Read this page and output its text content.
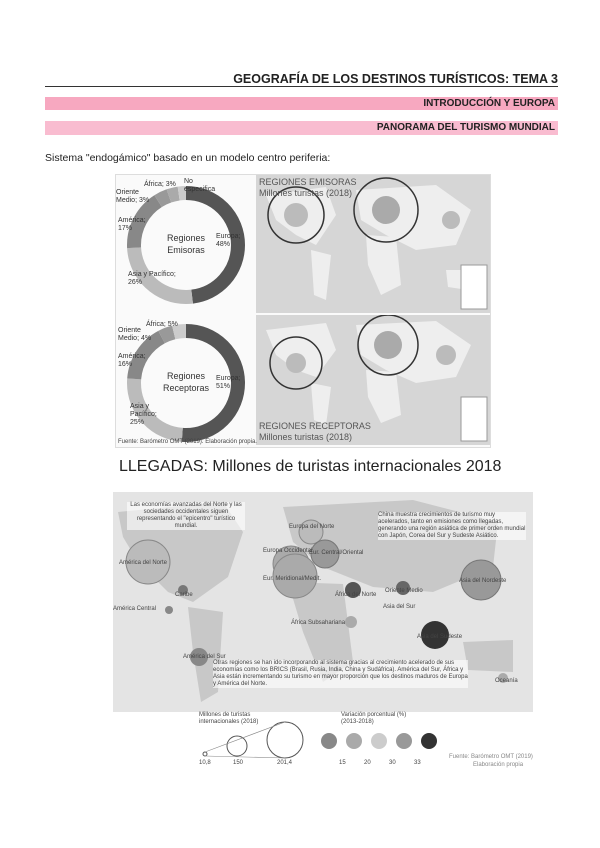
GEOGRAFÍA DE LOS DESTINOS TURÍSTICOS: TEMA 3
INTRODUCCIÓN Y EUROPA
PANORAMA DEL TURISMO MUNDIAL
Sistema "endogámico" basado en un modelo centro periferia:
Regiones
Emisoras
África; 3% No especifica
Oriente Medio; 3%
América; 17%
Asia y Pacífico; 26%
Europa; 48%
REGIONES EMISORAS
Millones turistas (2018)
Regiones
Receptoras
África; 5%
Oriente Medio; 4%
América; 16%
Asia y Pacífico; 25%
Europa; 51%
REGIONES RECEPTORAS
Millones turistas (2018)
Fuente: Barómetro OMT (2019). Elaboración propia.
LLEGADAS: Millones de turistas internacionales 2018
Las economías avanzadas del Norte y las sociedades occidentales siguen representando el "epicentro" turístico mundial.
China muestra crecimientos de turismo muy acelerados, tanto en emisiones como llegadas, generando una región asiática de primer orden mundial con Japón, Corea del Sur y Sudeste Asiático.
Otras regiones se han ido incorporando al sistema gracias al crecimiento acelerado de sus economías como los BRICS (Brasil, Rusia, India, China y Sudáfrica). América del Sur, África y Asia están incrementando su turismo en mayor proporción que los destinos maduros de Europa y América del Norte.
América del Norte
Caribe
América Central
América del Sur
Europa del Norte
Europa Occidental
Eur. Central/Oriental
Eur. Meridional/Medit.
África del Norte
Oriente Medio
África Subsahariana
Asia del Sur
Asia del Nordeste
Asia del Sudeste
Oceanía
Millones de turistas internacionales (2018)
10,8	150	201,4
Variación porcentual (%) (2013-2018)
15	20	30	33
Fuente: Barómetro OMT (2019)
Elaboración propia
